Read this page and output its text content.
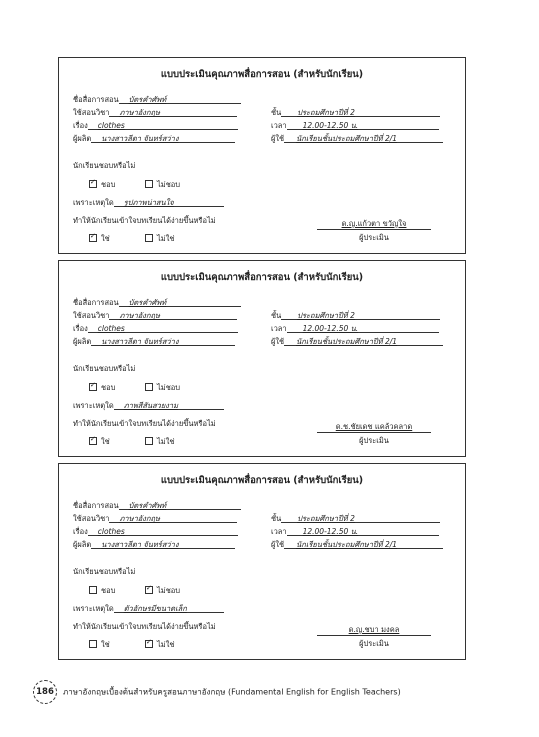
แบบประเมินคุณภาพสื่อการสอน (สำหรับนักเรียน)
ชื่อสื่อการสอน บัตรคำศัพท์
ใช้สอนวิชา ภาษาอังกฤษ	ชั้น ประถมศึกษาปีที่ 2
เรื่อง clothes	เวลา 12.00-12.50 น.
ผู้ผลิต นางสาวลีดา จันทร์สว่าง	ผู้ใช้ นักเรียนชั้นประถมศึกษาปีที่ 2/1
นักเรียนชอบหรือไม่
✓ชอบ	ไม่ชอบ
เพราะเหตุใด รูปภาพน่าสนใจ
ทำให้นักเรียนเข้าใจบทเรียนได้ง่ายขึ้นหรือไม่
✓ใช่	ไม่ใช่
ด.ญ.แก้วตา ขวัญใจ
ผู้ประเมิน
แบบประเมินคุณภาพสื่อการสอน (สำหรับนักเรียน)
ชื่อสื่อการสอน บัตรคำศัพท์
ใช้สอนวิชา ภาษาอังกฤษ	ชั้น ประถมศึกษาปีที่ 2
เรื่อง clothes	เวลา 12.00-12.50 น.
ผู้ผลิต นางสาวลีดา จันทร์สว่าง	ผู้ใช้ นักเรียนชั้นประถมศึกษาปีที่ 2/1
นักเรียนชอบหรือไม่
✓ชอบ	ไม่ชอบ
เพราะเหตุใด ภาพสีสันสวยงาม
ทำให้นักเรียนเข้าใจบทเรียนได้ง่ายขึ้นหรือไม่
✓ใช่	ไม่ใช่
ด.ช.ชัยเดช แคล้วคลาด
ผู้ประเมิน
แบบประเมินคุณภาพสื่อการสอน (สำหรับนักเรียน)
ชื่อสื่อการสอน บัตรคำศัพท์
ใช้สอนวิชา ภาษาอังกฤษ	ชั้น ประถมศึกษาปีที่ 2
เรื่อง clothes	เวลา 12.00-12.50 น.
ผู้ผลิต นางสาวลีดา จันทร์สว่าง	ผู้ใช้ นักเรียนชั้นประถมศึกษาปีที่ 2/1
นักเรียนชอบหรือไม่
ชอบ ✓	ไม่ชอบ
เพราะเหตุใด ตัวอักษรมีขนาดเล็ก
ทำให้นักเรียนเข้าใจบทเรียนได้ง่ายขึ้นหรือไม่
ใช่ ✓	ไม่ใช่
ด.ญ.ชบา มงคล
ผู้ประเมิน
186 ภาษาอังกฤษเบื้องต้นสำหรับครูสอนภาษาอังกฤษ (Fundamental English for English Teachers)
